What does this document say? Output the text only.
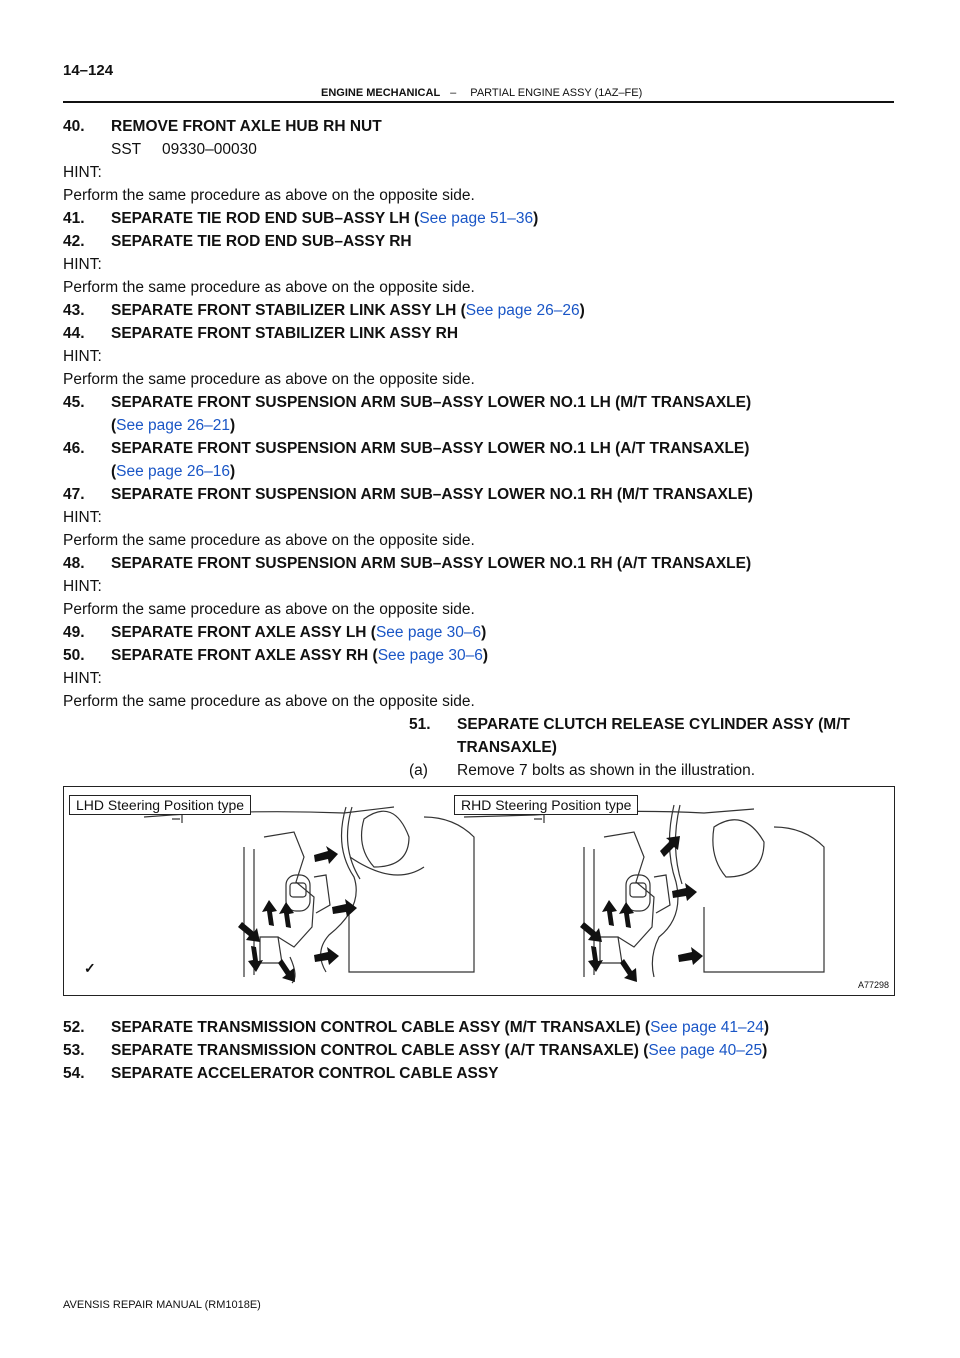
14–124
ENGINE MECHANICAL – PARTIAL ENGINE ASSY (1AZ–FE)
40. REMOVE FRONT AXLE HUB RH NUT
SST 09330–00030
HINT:
Perform the same procedure as above on the opposite side.
41. SEPARATE TIE ROD END SUB–ASSY LH (See page 51–36)
42. SEPARATE TIE ROD END SUB–ASSY RH
HINT:
Perform the same procedure as above on the opposite side.
43. SEPARATE FRONT STABILIZER LINK ASSY LH (See page 26–26)
44. SEPARATE FRONT STABILIZER LINK ASSY RH
HINT:
Perform the same procedure as above on the opposite side.
45. SEPARATE FRONT SUSPENSION ARM SUB–ASSY LOWER NO.1 LH (M/T TRANSAXLE)
(See page 26–21)
46. SEPARATE FRONT SUSPENSION ARM SUB–ASSY LOWER NO.1 LH (A/T TRANSAXLE)
(See page 26–16)
47. SEPARATE FRONT SUSPENSION ARM SUB–ASSY LOWER NO.1 RH (M/T TRANSAXLE)
HINT:
Perform the same procedure as above on the opposite side.
48. SEPARATE FRONT SUSPENSION ARM SUB–ASSY LOWER NO.1 RH (A/T TRANSAXLE)
HINT:
Perform the same procedure as above on the opposite side.
49. SEPARATE FRONT AXLE ASSY LH (See page 30–6)
50. SEPARATE FRONT AXLE ASSY RH (See page 30–6)
HINT:
Perform the same procedure as above on the opposite side.
51. SEPARATE CLUTCH RELEASE CYLINDER ASSY (M/T
TRANSAXLE)
(a) Remove 7 bolts as shown in the illustration.
✓
LHD Steering Position type	RHD Steering Position type
A77298
52. SEPARATE TRANSMISSION CONTROL CABLE ASSY (M/T TRANSAXLE) (See page 41–24)
53. SEPARATE TRANSMISSION CONTROL CABLE ASSY (A/T TRANSAXLE) (See page 40–25)
54. SEPARATE ACCELERATOR CONTROL CABLE ASSY
AVENSIS REPAIR MANUAL (RM1018E)
